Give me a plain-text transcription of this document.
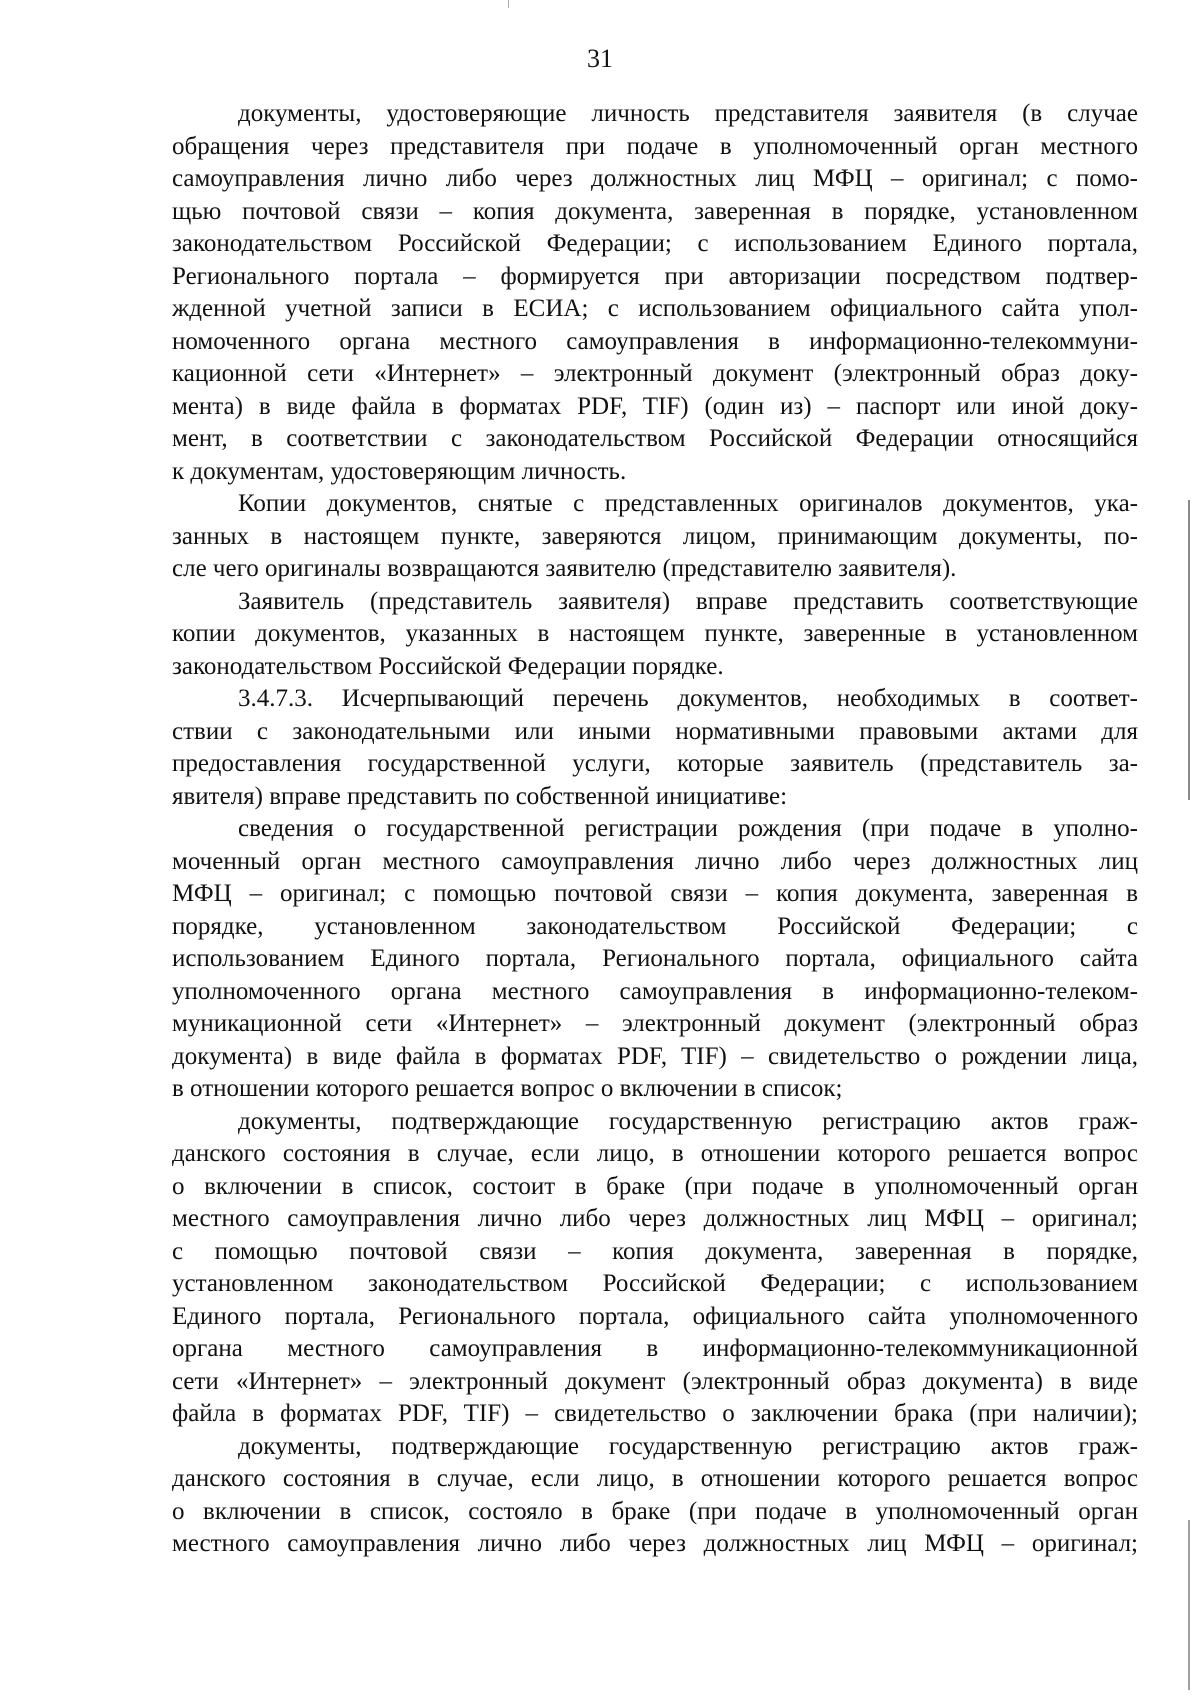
31
документы, удостоверяющие личность представителя заявителя (в случае
обращения через представителя при подаче в уполномоченный орган местного
самоуправления лично либо через должностных лиц МФЦ – оригинал; с помо-
щью почтовой связи – копия документа, заверенная в порядке, установленном
законодательством Российской Федерации; с использованием Единого портала,
Регионального портала – формируется при авторизации посредством подтвер-
жденной учетной записи в ЕСИА; с использованием официального сайта упол-
номоченного органа местного самоуправления в информационно-телекоммуни-
кационной сети «Интернет» – электронный документ (электронный образ доку-
мента) в виде файла в форматах PDF, TIF) (один из) – паспорт или иной доку-
мент, в соответствии с законодательством Российской Федерации относящийся
к документам, удостоверяющим личность.
Копии документов, снятые с представленных оригиналов документов, ука-
занных в настоящем пункте, заверяются лицом, принимающим документы, по-
сле чего оригиналы возвращаются заявителю (представителю заявителя).
Заявитель (представитель заявителя) вправе представить соответствующие
копии документов, указанных в настоящем пункте, заверенные в установленном
законодательством Российской Федерации порядке.
3.4.7.3. Исчерпывающий перечень документов, необходимых в соответ-
ствии с законодательными или иными нормативными правовыми актами для
предоставления государственной услуги, которые заявитель (представитель за-
явителя) вправе представить по собственной инициативе:
сведения о государственной регистрации рождения (при подаче в уполно-
моченный орган местного самоуправления лично либо через должностных лиц
МФЦ – оригинал; с помощью почтовой связи – копия документа, заверенная в
порядке, установленном законодательством Российской Федерации; с
использованием Единого портала, Регионального портала, официального сайта
уполномоченного органа местного самоуправления в информационно-телеком-
муникационной сети «Интернет» – электронный документ (электронный образ
документа) в виде файла в форматах PDF, TIF) – свидетельство о рождении лица,
в отношении которого решается вопрос о включении в список;
документы, подтверждающие государственную регистрацию актов граж-
данского состояния в случае, если лицо, в отношении которого решается вопрос
о включении в список, состоит в браке (при подаче в уполномоченный орган
местного самоуправления лично либо через должностных лиц МФЦ – оригинал;
с помощью почтовой связи – копия документа, заверенная в порядке,
установленном законодательством Российской Федерации; с использованием
Единого портала, Регионального портала, официального сайта уполномоченного
органа местного самоуправления в информационно-телекоммуникационной
сети «Интернет» – электронный документ (электронный образ документа) в виде
файла в форматах PDF, TIF) – свидетельство о заключении брака (при наличии);
документы, подтверждающие государственную регистрацию актов граж-
данского состояния в случае, если лицо, в отношении которого решается вопрос
о включении в список, состояло в браке (при подаче в уполномоченный орган
местного самоуправления лично либо через должностных лиц МФЦ – оригинал;
